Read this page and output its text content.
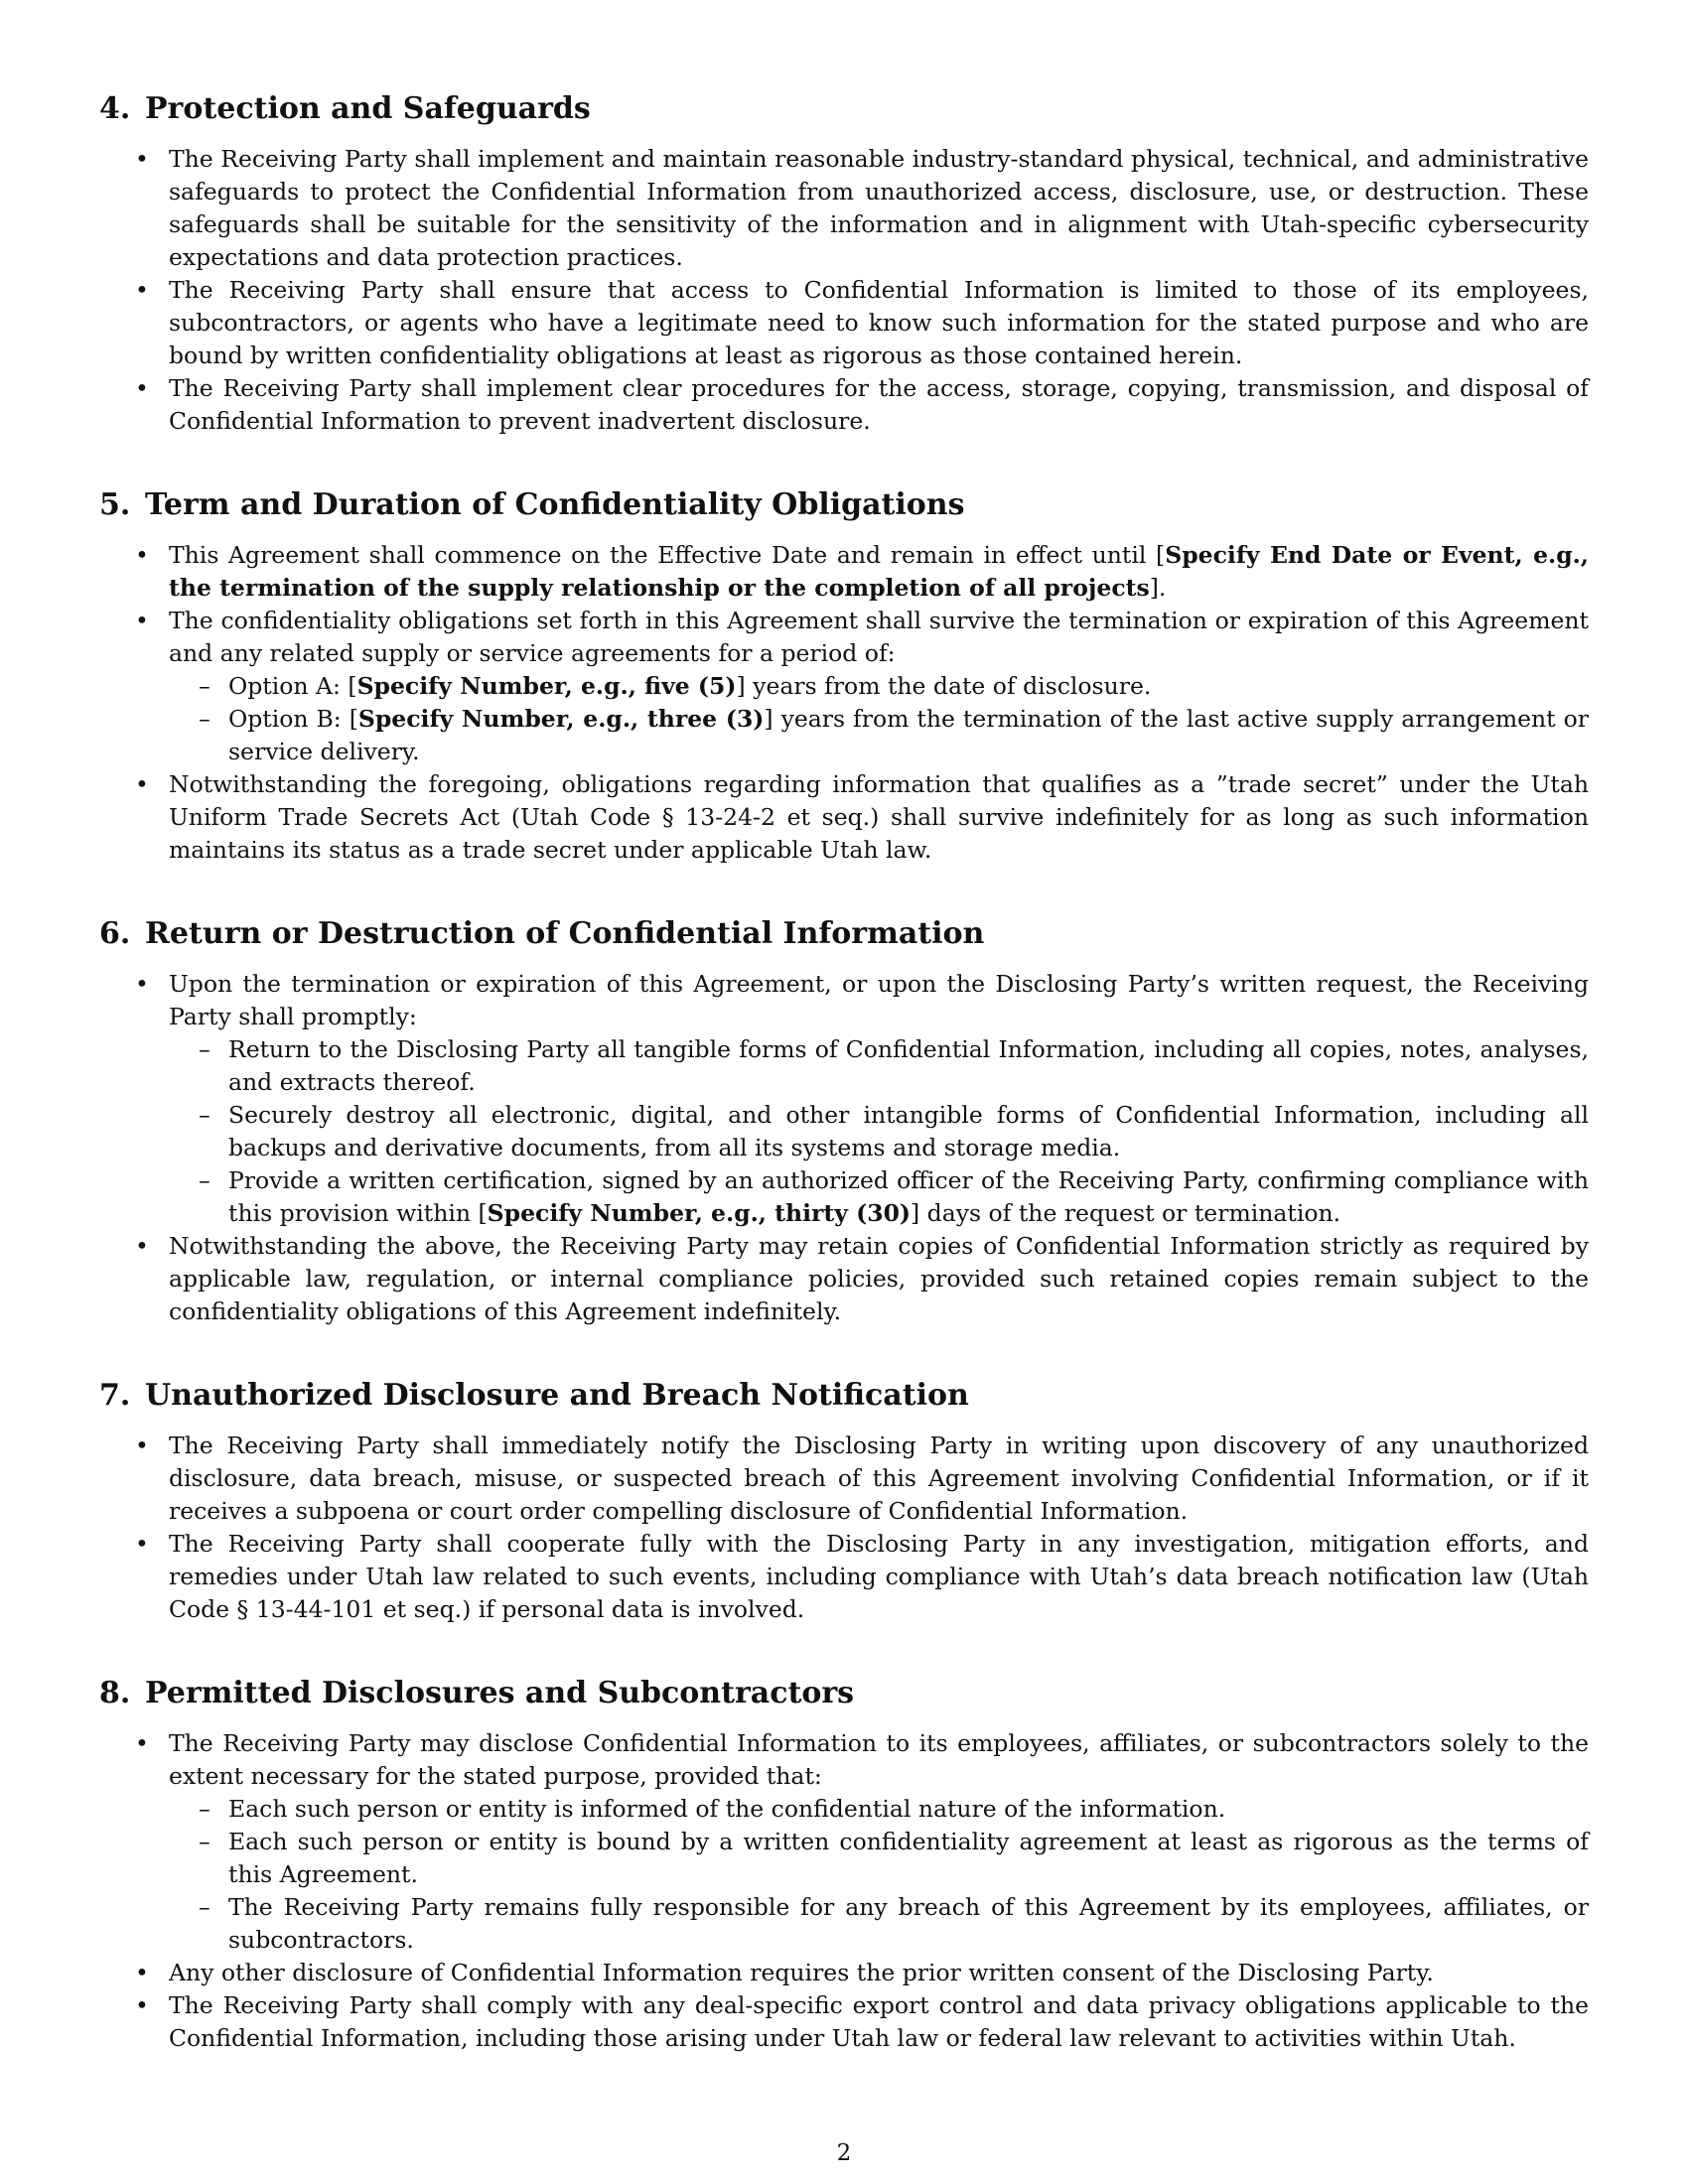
4. Protection and Safeguards
• The Receiving Party shall implement and maintain reasonable industry-standard physical, technical, and administrative safeguards to protect the Confidential Information from unauthorized access, disclosure, use, or destruction. These safeguards shall be suitable for the sensitivity of the information and in alignment with Utah-specific cybersecurity expectations and data protection practices.
• The Receiving Party shall ensure that access to Confidential Information is limited to those of its employees, subcontractors, or agents who have a legitimate need to know such information for the stated purpose and who are bound by written confidentiality obligations at least as rigorous as those contained herein.
• The Receiving Party shall implement clear procedures for the access, storage, copying, transmission, and disposal of Confidential Information to prevent inadvertent disclosure.
5. Term and Duration of Confidentiality Obligations
• This Agreement shall commence on the Effective Date and remain in effect until [Specify End Date or Event, e.g., the termination of the supply relationship or the completion of all projects].
• The confidentiality obligations set forth in this Agreement shall survive the termination or expiration of this Agreement and any related supply or service agreements for a period of:
– Option A: [Specify Number, e.g., five (5)] years from the date of disclosure.
– Option B: [Specify Number, e.g., three (3)] years from the termination of the last active supply arrangement or service delivery.
• Notwithstanding the foregoing, obligations regarding information that qualifies as a ”trade secret” under the Utah Uniform Trade Secrets Act (Utah Code § 13-24-2 et seq.) shall survive indefinitely for as long as such information maintains its status as a trade secret under applicable Utah law.
6. Return or Destruction of Confidential Information
• Upon the termination or expiration of this Agreement, or upon the Disclosing Party’s written request, the Receiving Party shall promptly:
– Return to the Disclosing Party all tangible forms of Confidential Information, including all copies, notes, analyses, and extracts thereof.
– Securely destroy all electronic, digital, and other intangible forms of Confidential Information, including all backups and derivative documents, from all its systems and storage media.
– Provide a written certification, signed by an authorized officer of the Receiving Party, confirming compliance with this provision within [Specify Number, e.g., thirty (30)] days of the request or termination.
• Notwithstanding the above, the Receiving Party may retain copies of Confidential Information strictly as required by applicable law, regulation, or internal compliance policies, provided such retained copies remain subject to the confidentiality obligations of this Agreement indefinitely.
7. Unauthorized Disclosure and Breach Notification
• The Receiving Party shall immediately notify the Disclosing Party in writing upon discovery of any unauthorized disclosure, data breach, misuse, or suspected breach of this Agreement involving Confidential Information, or if it receives a subpoena or court order compelling disclosure of Confidential Information.
• The Receiving Party shall cooperate fully with the Disclosing Party in any investigation, mitigation efforts, and remedies under Utah law related to such events, including compliance with Utah’s data breach notification law (Utah Code § 13-44-101 et seq.) if personal data is involved.
8. Permitted Disclosures and Subcontractors
• The Receiving Party may disclose Confidential Information to its employees, affiliates, or subcontractors solely to the extent necessary for the stated purpose, provided that:
– Each such person or entity is informed of the confidential nature of the information.
– Each such person or entity is bound by a written confidentiality agreement at least as rigorous as the terms of this Agreement.
– The Receiving Party remains fully responsible for any breach of this Agreement by its employees, affiliates, or subcontractors.
• Any other disclosure of Confidential Information requires the prior written consent of the Disclosing Party.
• The Receiving Party shall comply with any deal-specific export control and data privacy obligations applicable to the Confidential Information, including those arising under Utah law or federal law relevant to activities within Utah.
2
